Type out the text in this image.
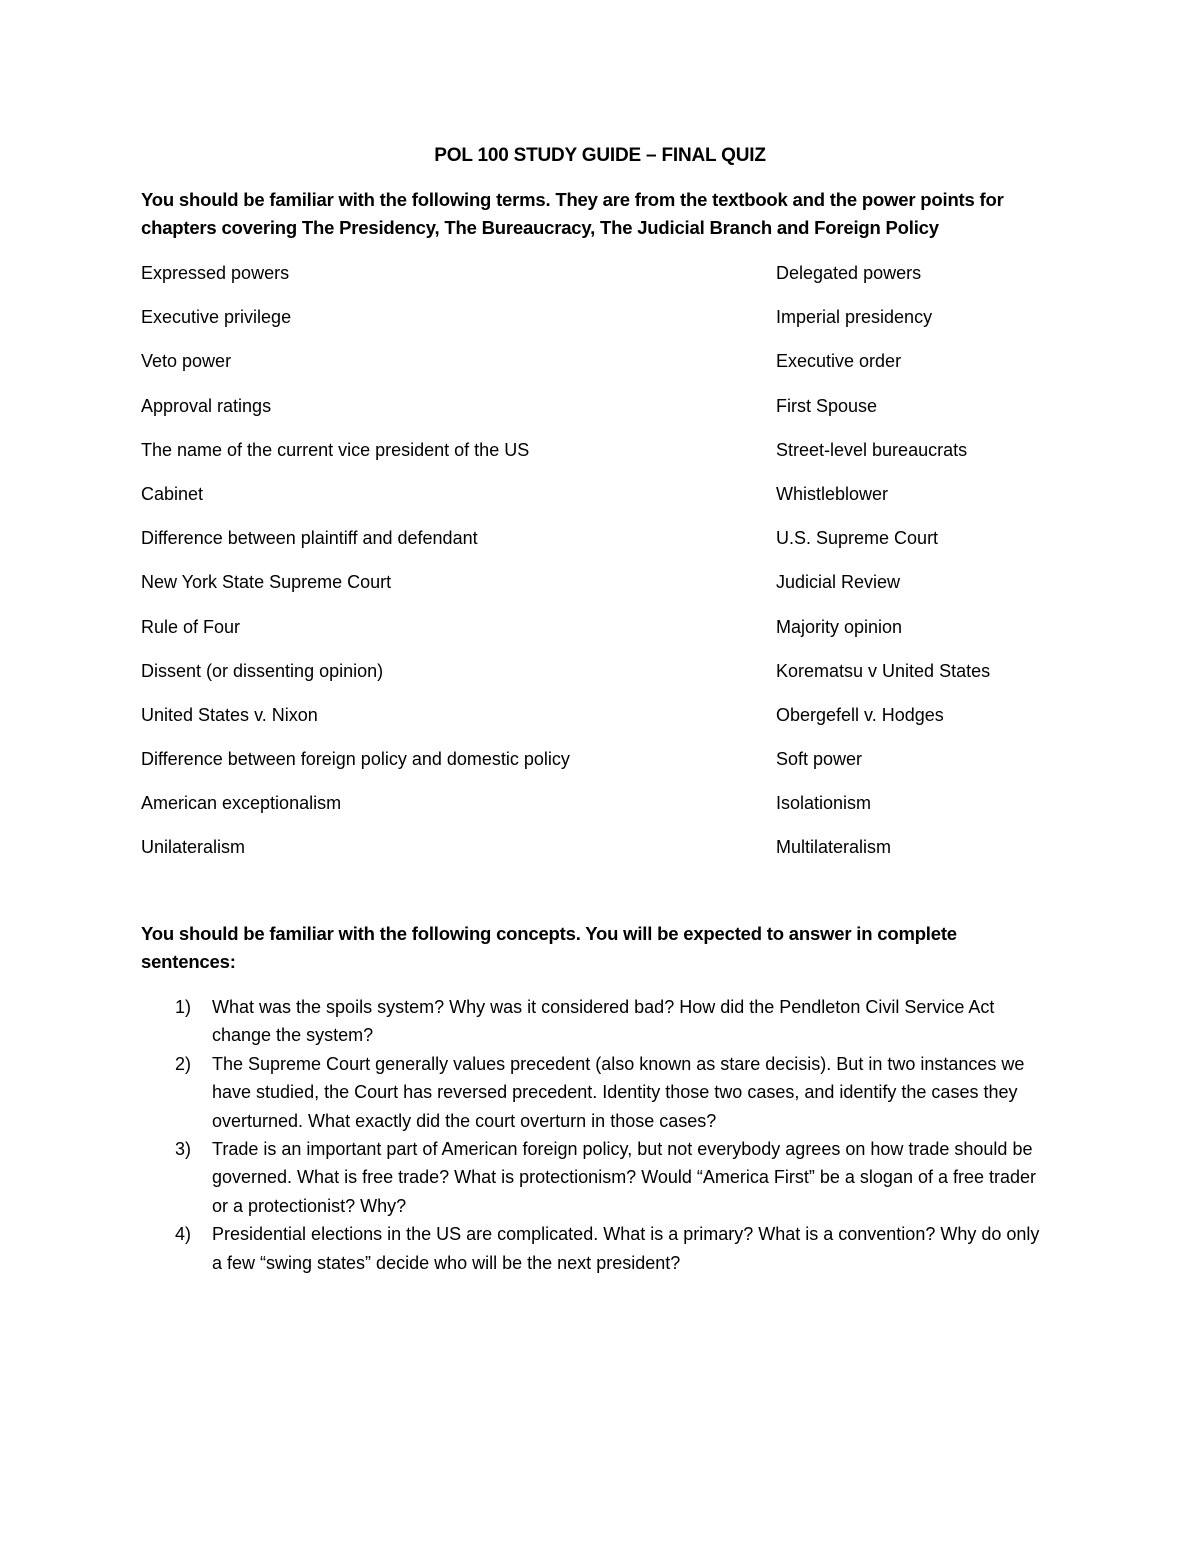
POL 100 STUDY GUIDE – FINAL QUIZ
You should be familiar with the following terms. They are from the textbook and the power points for chapters covering The Presidency, The Bureaucracy, The Judicial Branch and Foreign Policy
Expressed powers	Delegated powers
Executive privilege	Imperial presidency
Veto power	Executive order
Approval ratings	First Spouse
The name of the current vice president of the US	Street-level bureaucrats
Cabinet	Whistleblower
Difference between plaintiff and defendant	U.S. Supreme Court
New York State Supreme Court	Judicial Review
Rule of Four	Majority opinion
Dissent (or dissenting opinion)	Korematsu v United States
United States v. Nixon	Obergefell v. Hodges
Difference between foreign policy and domestic policy	Soft power
American exceptionalism	Isolationism
Unilateralism	Multilateralism
You should be familiar with the following concepts. You will be expected to answer in complete sentences:
1) What was the spoils system? Why was it considered bad? How did the Pendleton Civil Service Act change the system?
2) The Supreme Court generally values precedent (also known as stare decisis). But in two instances we have studied, the Court has reversed precedent. Identity those two cases, and identify the cases they overturned. What exactly did the court overturn in those cases?
3) Trade is an important part of American foreign policy, but not everybody agrees on how trade should be governed. What is free trade? What is protectionism? Would “America First” be a slogan of a free trader or a protectionist? Why?
4) Presidential elections in the US are complicated. What is a primary? What is a convention? Why do only a few “swing states” decide who will be the next president?
